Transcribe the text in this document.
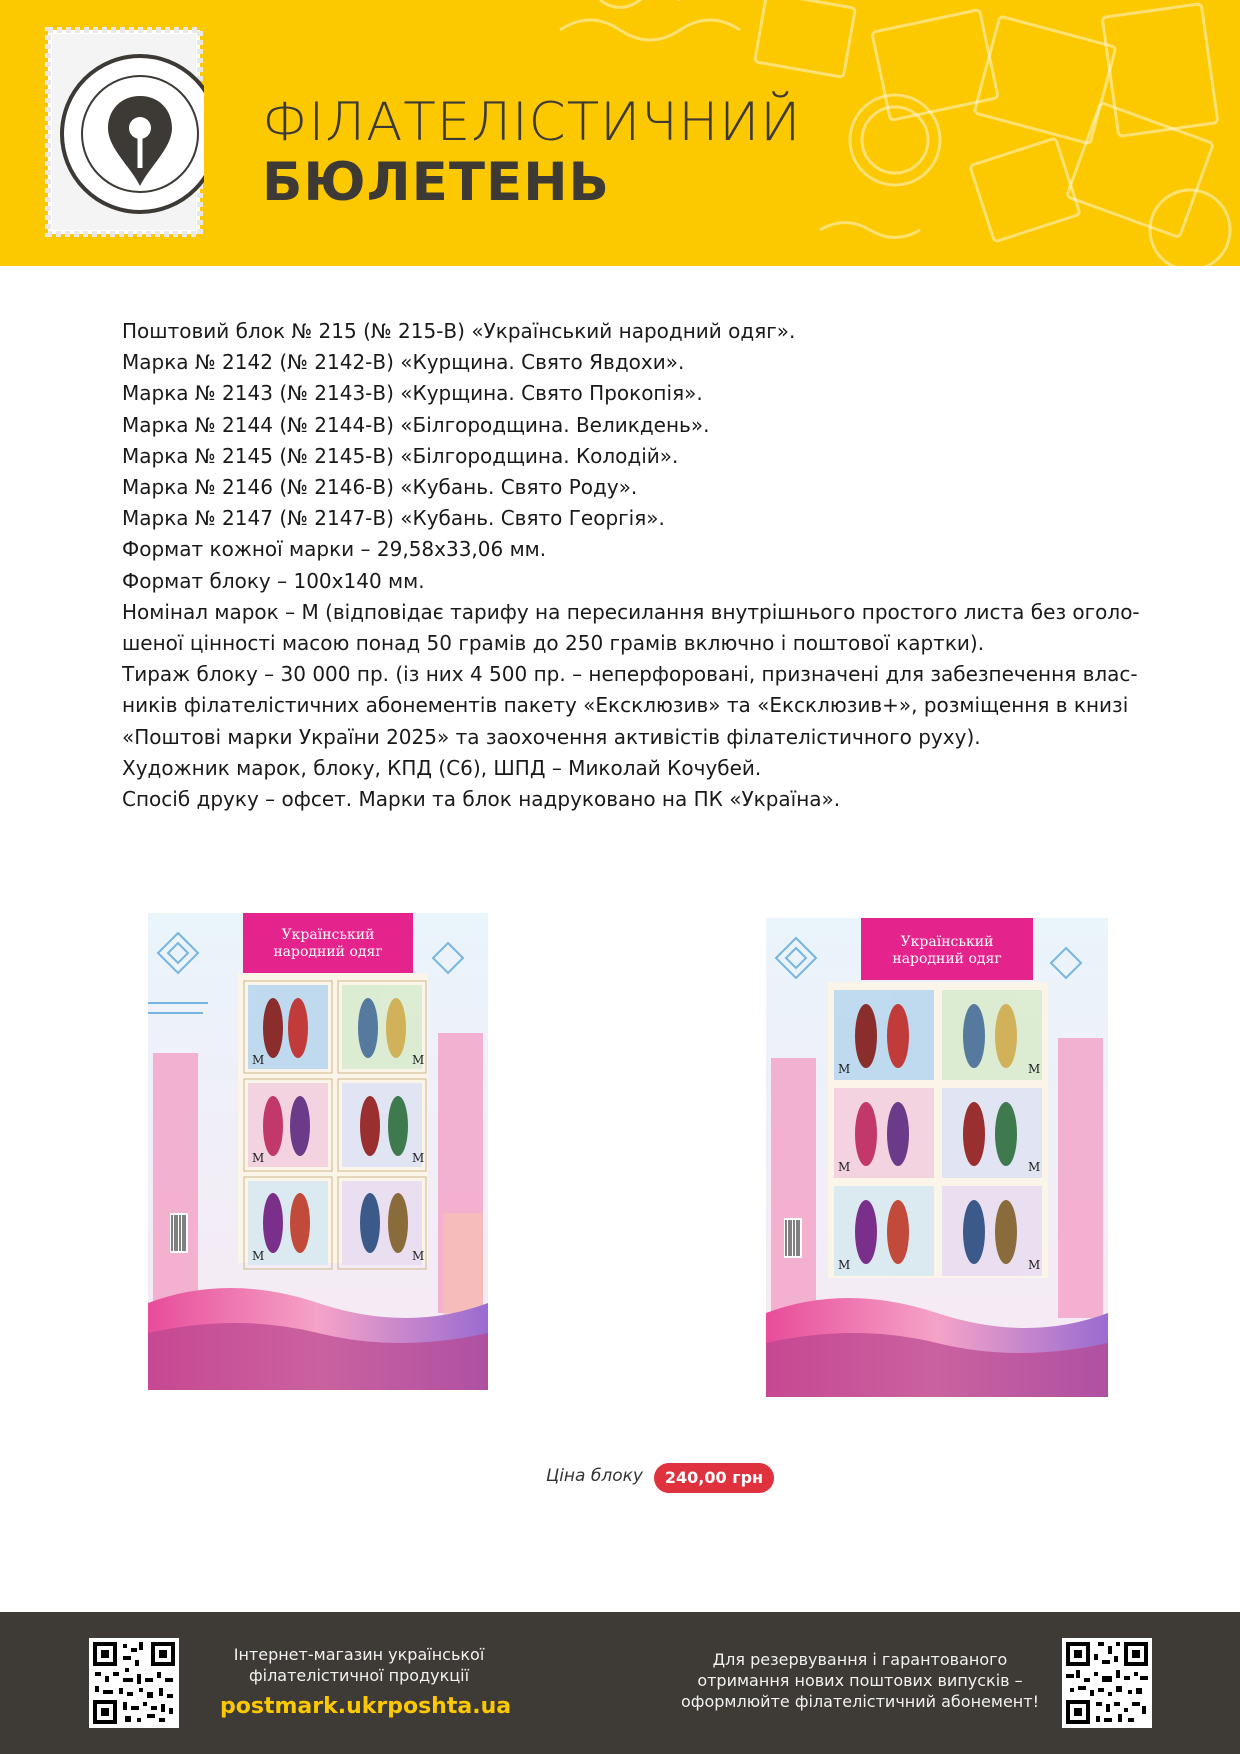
ФІЛАТЕЛІСТИЧНИЙ
БЮЛЕТЕНЬ
Поштовий блок № 215 (№ 215-В) «Український народний одяг».
Марка № 2142 (№ 2142-В) «Курщина. Свято Явдохи».
Марка № 2143 (№ 2143-В) «Курщина. Свято Прокопія».
Марка № 2144 (№ 2144-В) «Білгородщина. Великдень».
Марка № 2145 (№ 2145-В) «Білгородщина. Колодій».
Марка № 2146 (№ 2146-В) «Кубань. Свято Роду».
Марка № 2147 (№ 2147-В) «Кубань. Свято Георгія».
Формат кожної марки – 29,58х33,06 мм.
Формат блоку – 100х140 мм.
Номінал марок – M (відповідає тарифу на пересилання внутрішнього простого листа без оголо-
шеної цінності масою понад 50 грамів до 250 грамів включно і поштової картки).
Тираж блоку – 30 000 пр. (із них 4 500 пр. – неперфоровані, призначені для забезпечення влас-
ників філателістичних абонементів пакету «Ексклюзив» та «Ексклюзив+», розміщення в книзі
«Поштові марки України 2025» та заохочення активістів філателістичного руху).
Художник марок, блоку, КПД (С6), ШПД – Миколай Кочубей.
Спосіб друку – офсет. Марки та блок надруковано на ПК «Україна».
Український
народний одяг
M	M
M	M
M	M
Український
народний одяг
M	M
M	M
M	M
Ціна блоку	240,00 грн
Інтернет-магазин української
філателістичної продукції
postmark.ukrposhta.ua
Для резервування і гарантованого
отримання нових поштових випусків –
оформлюйте філателістичний абонемент!
